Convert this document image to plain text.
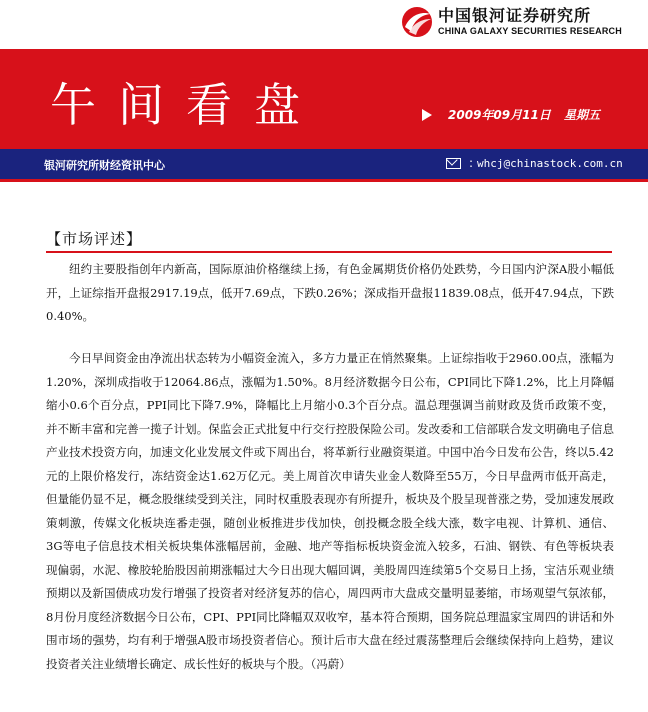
中国银河证券研究所
CHINA GALAXY SECURITIES RESEARCH
午间看盘	2009年09月11日 星期五
银河研究所财经资讯中心	: whcj@chinastock.com.cn
【市场评述】

纽约主要股指创年内新高，国际原油价格继续上扬，有色金属期货价格仍处跌势，今日国内沪深A股小幅低开，上证综指开盘报2917.19点，低开7.69点，下跌0.26%；深成指开盘报11839.08点，低开47.94点，下跌0.40%。

今日早间资金由净流出状态转为小幅资金流入，多方力量正在悄然聚集。上证综指收于2960.00点，涨幅为1.20%，深圳成指收于12064.86点，涨幅为1.50%。8月经济数据今日公布，CPI同比下降1.2%，比上月降幅缩小0.6个百分点，PPI同比下降7.9%，降幅比上月缩小0.3个百分点。温总理强调当前财政及货币政策不变，并不断丰富和完善一揽子计划。保监会正式批复中行交行控股保险公司。发改委和工信部联合发文明确电子信息产业技术投资方向，加速文化业发展文件或下周出台，将革新行业融资渠道。中国中冶今日发布公告，终以5.42元的上限价格发行，冻结资金达1.62万亿元。美上周首次申请失业金人数降至55万，今日早盘两市低开高走，但量能仍显不足，概念股继续受到关注，同时权重股表现亦有所提升，板块及个股呈现普涨之势，受加速发展政策刺激，传媒文化板块连番走强，随创业板推进步伐加快，创投概念股全线大涨，数字电视、计算机、通信、3G等电子信息技术相关板块集体涨幅居前，金融、地产等指标板块资金流入较多，石油、钢铁、有色等板块表现偏弱，水泥、橡胶轮胎股因前期涨幅过大今日出现大幅回调，美股周四连续第5个交易日上扬，宝洁乐观业绩预期以及新国债成功发行增强了投资者对经济复苏的信心，周四两市大盘成交量明显萎缩，市场观望气氛浓郁，8月份月度经济数据今日公布，CPI、PPI同比降幅双双收窄，基本符合预期，国务院总理温家宝周四的讲话和外围市场的强势，均有利于增强A股市场投资者信心。预计后市大盘在经过震荡整理后会继续保持向上趋势，建议投资者关注业绩增长确定、成长性好的板块与个股。（冯蔚）
